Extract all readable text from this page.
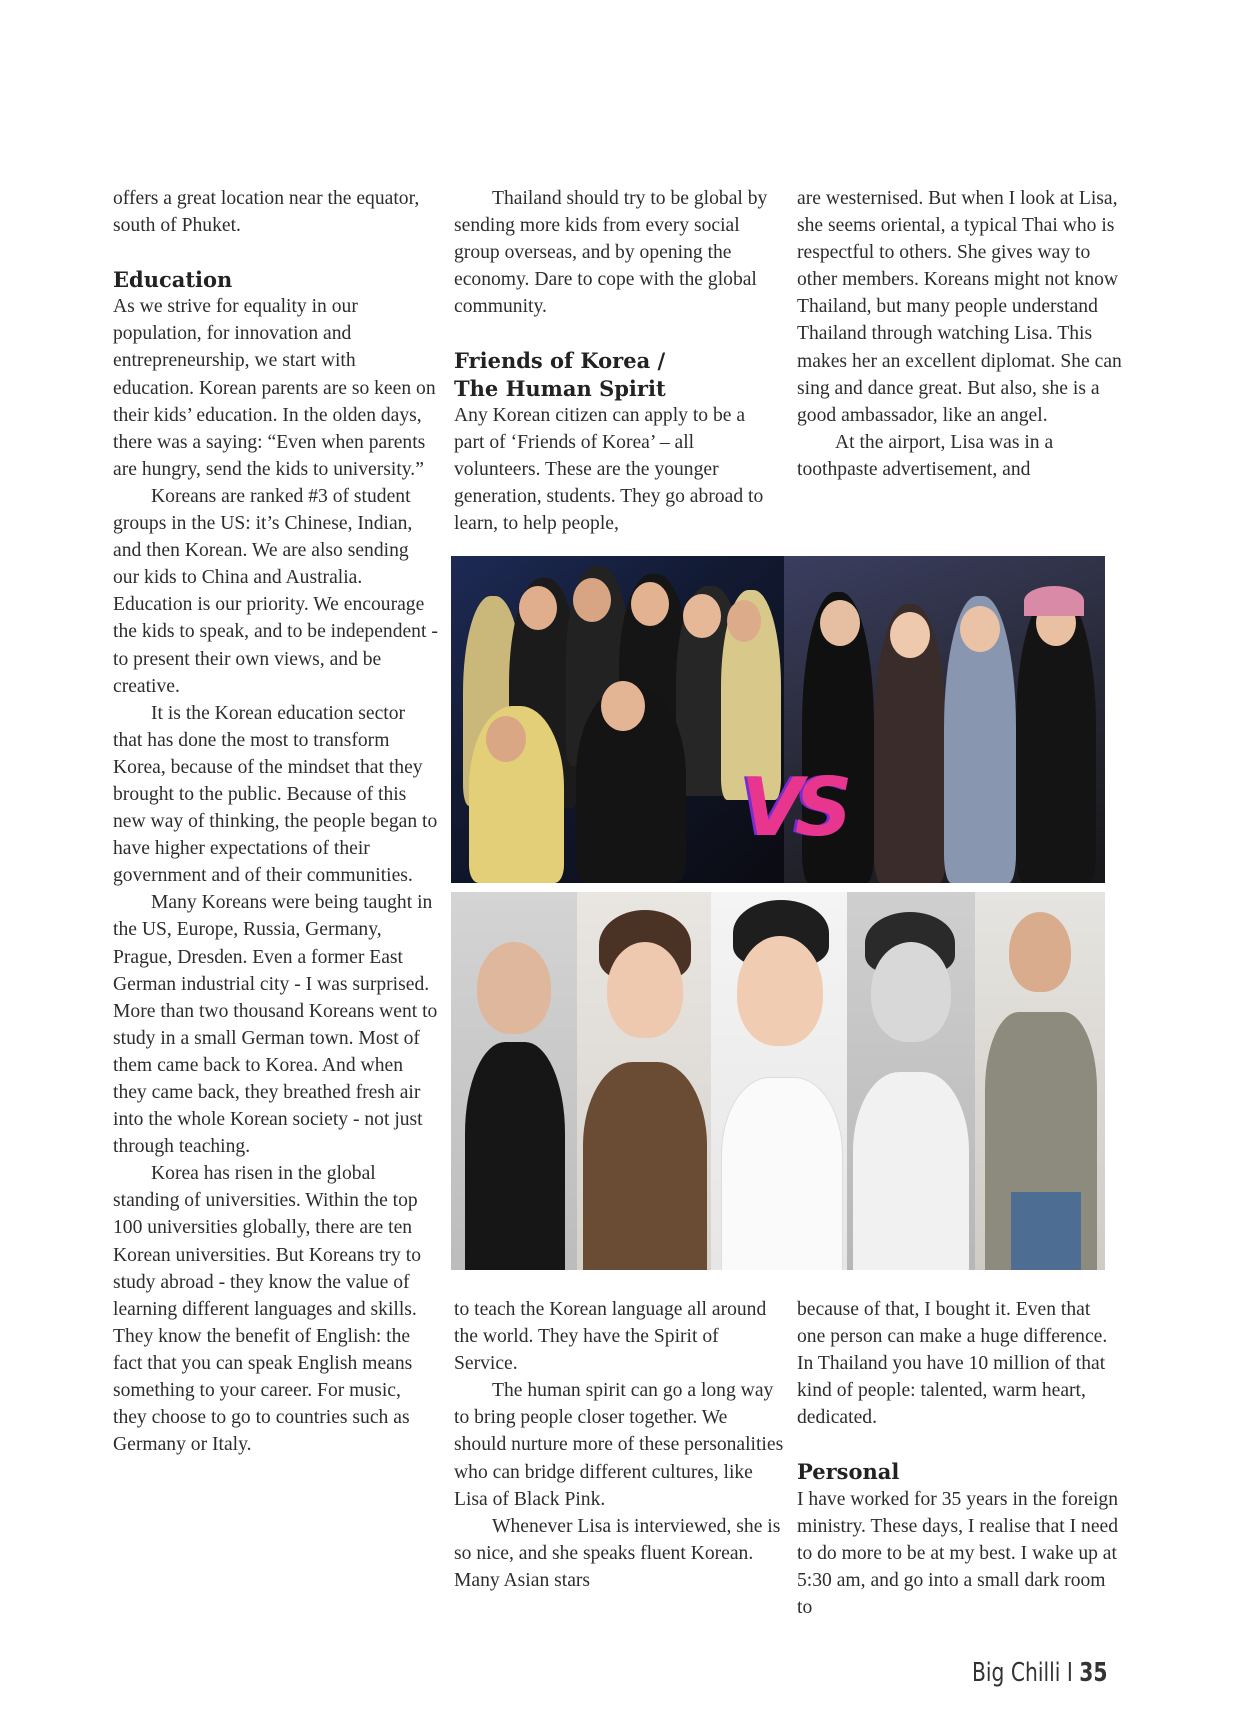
offers a great location near the equator, south of Phuket.

Education

As we strive for equality in our population, for innovation and entrepreneurship, we start with education. Korean parents are so keen on their kids’ education. In the olden days, there was a saying: “Even when parents are hungry, send the kids to university.”

Koreans are ranked #3 of student groups in the US: it’s Chinese, Indian, and then Korean. We are also sending our kids to China and Australia. Education is our priority. We encourage the kids to speak, and to be independent - to present their own views, and be creative.

It is the Korean education sector that has done the most to transform Korea, because of the mindset that they brought to the public. Because of this new way of thinking, the people began to have higher expectations of their government and of their communities.

Many Koreans were being taught in the US, Europe, Russia, Germany, Prague, Dresden. Even a former East German industrial city - I was surprised. More than two thousand Koreans went to study in a small German town. Most of them came back to Korea. And when they came back, they breathed fresh air into the whole Korean society - not just through teaching.

Korea has risen in the global standing of universities. Within the top 100 universities globally, there are ten Korean universities. But Koreans try to study abroad - they know the value of learning different languages and skills. They know the benefit of English: the fact that you can speak English means something to your career. For music, they choose to go to countries such as Germany or Italy.

Thailand should try to be global by sending more kids from every social group overseas, and by opening the economy. Dare to cope with the global community.

Friends of Korea /
The Human Spirit

Any Korean citizen can apply to be a part of ‘Friends of Korea’ – all volunteers. These are the younger generation, students. They go abroad to learn, to help people,

are westernised. But when I look at Lisa, she seems oriental, a typical Thai who is respectful to others. She gives way to other members. Koreans might not know Thailand, but many people understand Thailand through watching Lisa. This makes her an excellent diplomat. She can sing and dance great. But also, she is a good ambassador, like an angel.

At the airport, Lisa was in a toothpaste advertisement, and

VS

to teach the Korean language all around the world. They have the Spirit of Service.

The human spirit can go a long way to bring people closer together. We should nurture more of these personalities who can bridge different cultures, like Lisa of Black Pink.

Whenever Lisa is interviewed, she is so nice, and she speaks fluent Korean. Many Asian stars

because of that, I bought it. Even that one person can make a huge difference. In Thailand you have 10 million of that kind of people: talented, warm heart, dedicated.

Personal

I have worked for 35 years in the foreign ministry. These days, I realise that I need to do more to be at my best. I wake up at 5:30 am, and go into a small dark room to

Big Chilli I 35
